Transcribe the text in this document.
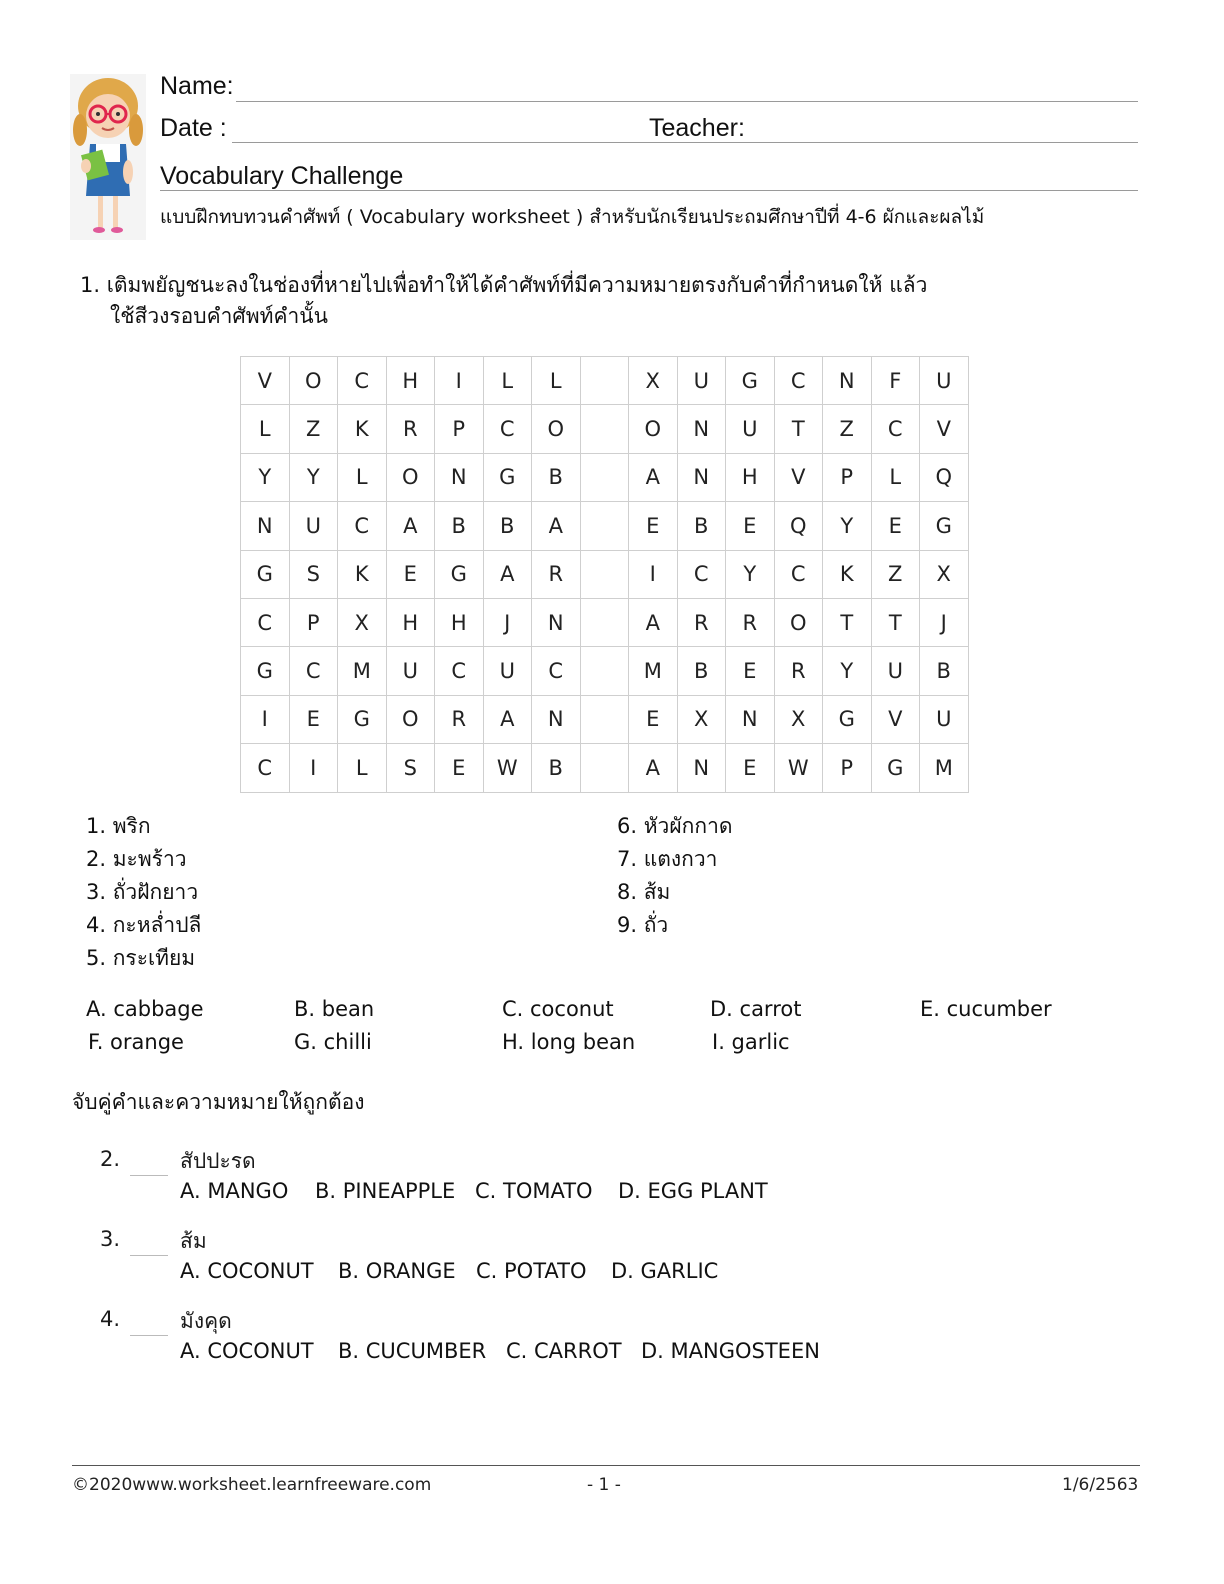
Name:
Date :	Teacher:
Vocabulary Challenge
แบบฝึกทบทวนคำศัพท์ ( Vocabulary worksheet ) สำหรับนักเรียนประถมศึกษาปีที่ 4-6 ผักและผลไม้
1. เติมพยัญชนะลงในช่องที่หายไปเพื่อทำให้ได้คำศัพท์ที่มีความหมายตรงกับคำที่กำหนดให้ แล้ว
ใช้สีวงรอบคำศัพท์คำนั้น
V	O	C	H	I	L	L		X	U	G	C	N	F	U
L	Z	K	R	P	C	O		O	N	U	T	Z	C	V
Y	Y	L	O	N	G	B		A	N	H	V	P	L	Q
N	U	C	A	B	B	A		E	B	E	Q	Y	E	G
G	S	K	E	G	A	R		I	C	Y	C	K	Z	X
C	P	X	H	H	J	N		A	R	R	O	T	T	J
G	C	M	U	C	U	C		M	B	E	R	Y	U	B
I	E	G	O	R	A	N		E	X	N	X	G	V	U
C	I	L	S	E	W	B		A	N	E	W	P	G	M
1. พริก
2. มะพร้าว
3. ถั่วฝักยาว
4. กะหล่ำปลี
5. กระเทียม
6. หัวผักกาด
7. แตงกวา
8. ส้ม
9. ถั่ว
A. cabbage	B. bean	C. coconut	D. carrot	E. cucumber
F. orange	G. chilli	H. long bean	I. garlic
จับคู่คำและความหมายให้ถูกต้อง
2.	สัปปะรด
A. MANGO B. PINEAPPLE C. TOMATO D. EGG PLANT
3.	ส้ม
A. COCONUT B. ORANGE C. POTATO D. GARLIC
4.	มังคุด
A. COCONUT B. CUCUMBER C. CARROT D. MANGOSTEEN
©2020www.worksheet.learnfreeware.com	- 1 -	1/6/2563
